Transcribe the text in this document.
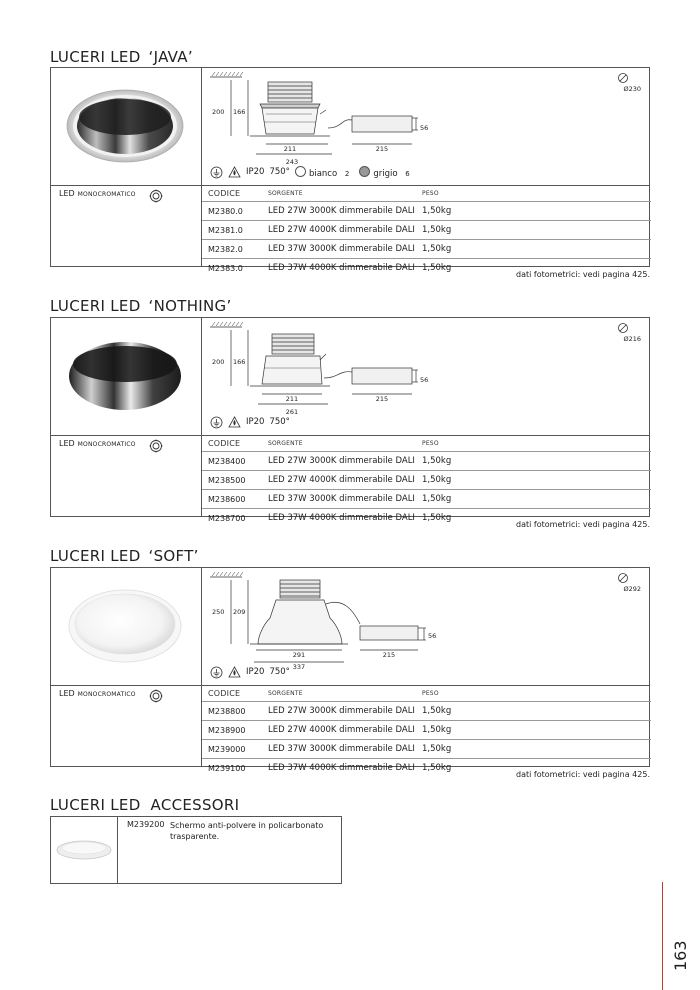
LUCERI LED ‘JAVA’
200 166
211	215
243
56
Ø230
IP20 750°	bianco 2	grigio 6
LED MONOCROMATICO	CODICE	SORGENTE	PESO
M2380.0	LED 27W 3000K dimmerabile DALI	1,50kg
M2381.0	LED 27W 4000K dimmerabile DALI	1,50kg
M2382.0	LED 37W 3000K dimmerabile DALI	1,50kg
M2383.0	LED 37W 4000K dimmerabile DALI	1,50kg
dati fotometrici: vedi pagina 425.
LUCERI LED ‘NOTHING’
200 166
211	215
261
56
Ø216
IP20 750°
LED MONOCROMATICO	CODICE	SORGENTE	PESO
M238400	LED 27W 3000K dimmerabile DALI	1,50kg
M238500	LED 27W 4000K dimmerabile DALI	1,50kg
M238600	LED 37W 3000K dimmerabile DALI	1,50kg
M238700	LED 37W 4000K dimmerabile DALI	1,50kg
dati fotometrici: vedi pagina 425.
LUCERI LED ‘SOFT’
250 209
291	215
337
56
Ø292
IP20 750°
LED MONOCROMATICO	CODICE	SORGENTE	PESO
M238800	LED 27W 3000K dimmerabile DALI	1,50kg
M238900	LED 27W 4000K dimmerabile DALI	1,50kg
M239000	LED 37W 3000K dimmerabile DALI	1,50kg
M239100	LED 37W 4000K dimmerabile DALI	1,50kg
dati fotometrici: vedi pagina 425.
LUCERI LED ACCESSORI
M239200 Schermo anti-polvere in policarbonato trasparente.
163
